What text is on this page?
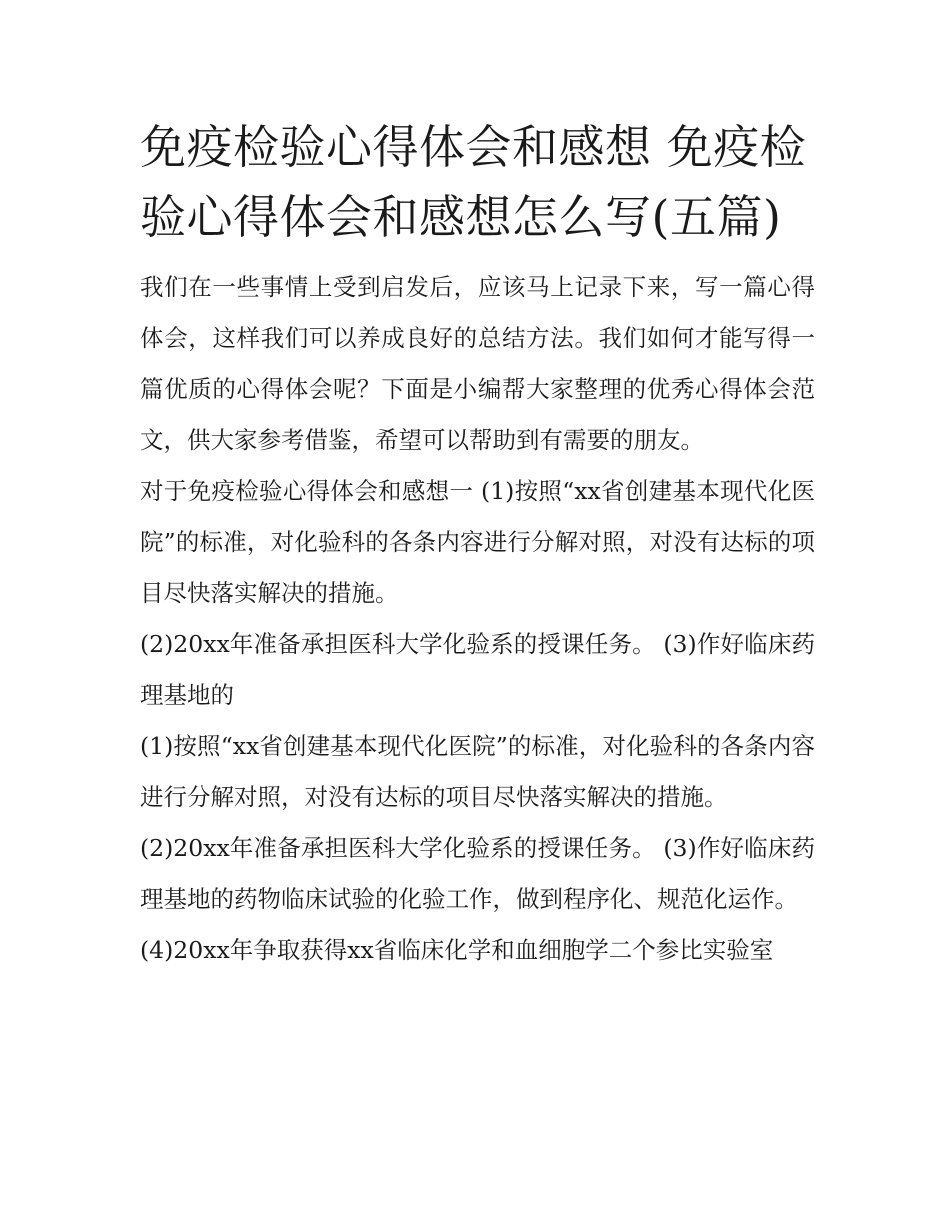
免疫检验心得体会和感想 免疫检验心得体会和感想怎么写(五篇)

我们在一些事情上受到启发后，应该马上记录下来，写一篇心得体会，这样我们可以养成良好的总结方法。我们如何才能写得一篇优质的心得体会呢？下面是小编帮大家整理的优秀心得体会范文，供大家参考借鉴，希望可以帮助到有需要的朋友。

对于免疫检验心得体会和感想一 (1)按照“xx省创建基本现代化医院”的标准，对化验科的各条内容进行分解对照，对没有达标的项目尽快落实解决的措施。

(2)20xx年准备承担医科大学化验系的授课任务。 (3)作好临床药理基地的

(1)按照“xx省创建基本现代化医院”的标准，对化验科的各条内容进行分解对照，对没有达标的项目尽快落实解决的措施。

(2)20xx年准备承担医科大学化验系的授课任务。 (3)作好临床药理基地的药物临床试验的化验工作，做到程序化、规范化运作。

(4)20xx年争取获得xx省临床化学和血细胞学二个参比实验室
